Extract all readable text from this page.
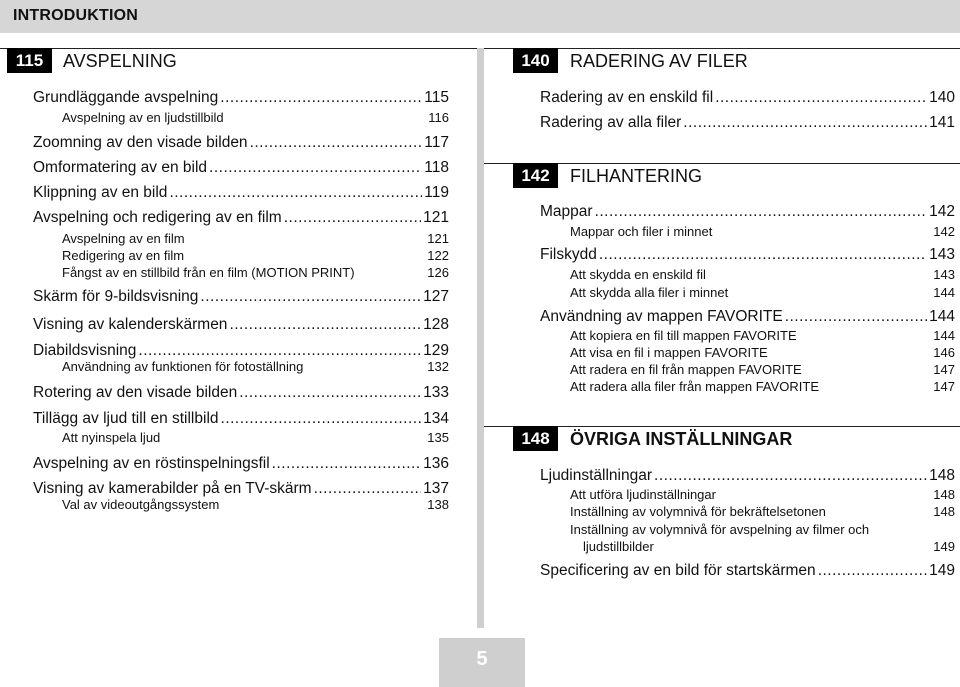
INTRODUKTION
115	AVSPELNING
Grundläggande avspelning .....	115
Avspelning av en ljudstillbild	116
Zoomning av den visade bilden .....	117
Omformatering av en bild .....	118
Klippning av en bild .....	119
Avspelning och redigering av en film .....	121
Avspelning av en film	121
Redigering av en film	122
Fångst av en stillbild från en film (MOTION PRINT)	126
Skärm för 9-bildsvisning .....	127
Visning av kalenderskärmen .....	128
Diabildsvisning .....	129
Användning av funktionen för fotoställning	132
Rotering av den visade bilden .....	133
Tillägg av ljud till en stillbild .....	134
Att nyinspela ljud	135
Avspelning av en röstinspelningsfil .....	136
Visning av kamerabilder på en TV-skärm .....	137
Val av videoutgångssystem	138
140	RADERING AV FILER
Radering av en enskild fil .....	140
Radering av alla filer .....	141
142	FILHANTERING
Mappar .....	142
Mappar och filer i minnet	142
Filskydd .....	143
Att skydda en enskild fil	143
Att skydda alla filer i minnet	144
Användning av mappen FAVORITE .....	144
Att kopiera en fil till mappen FAVORITE	144
Att visa en fil i mappen FAVORITE	146
Att radera en fil från mappen FAVORITE	147
Att radera alla filer från mappen FAVORITE	147
148	ÖVRIGA INSTÄLLNINGAR
Ljudinställningar .....	148
Att utföra ljudinställningar	148
Inställning av volymnivå för bekräftelsetonen	148
Inställning av volymnivå för avspelning av filmer och
ljudstillbilder	149
Specificering av en bild för startskärmen .....	149
5
